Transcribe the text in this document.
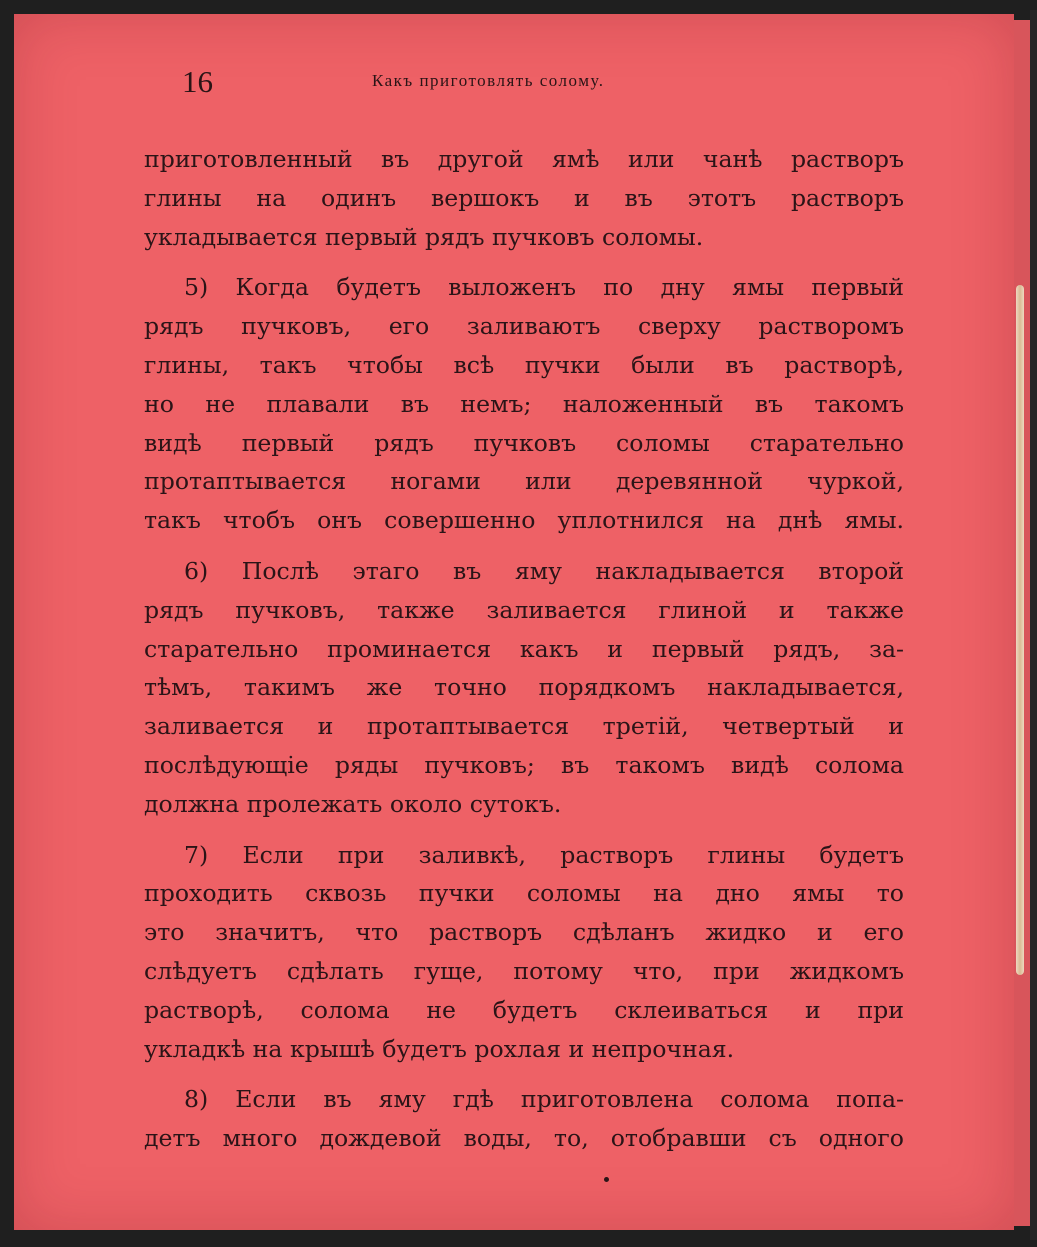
16	Какъ приготовлять солому.
приготовленный въ другой ямѣ или чанѣ растворъ
глины на одинъ вершокъ и въ этотъ растворъ
укладывается первый рядъ пучковъ соломы.
5) Когда будетъ выложенъ по дну ямы первый
рядъ пучковъ, его заливаютъ сверху растворомъ
глины, такъ чтобы всѣ пучки были въ растворѣ,
но не плавали въ немъ; наложенный въ такомъ
видѣ первый рядъ пучковъ соломы старательно
протаптывается ногами или деревянной чуркой,
такъ чтобъ онъ совершенно уплотнился на днѣ ямы.
6) Послѣ этаго въ яму накладывается второй
рядъ пучковъ, также заливается глиной и также
старательно проминается какъ и первый рядъ, за-
тѣмъ, такимъ же точно порядкомъ накладывается,
заливается и протаптывается третій, четвертый и
послѣдующіе ряды пучковъ; въ такомъ видѣ солома
должна пролежать около сутокъ.
7) Если при заливкѣ, растворъ глины будетъ
проходить сквозь пучки соломы на дно ямы то
это значитъ, что растворъ сдѣланъ жидко и его
слѣдуетъ сдѣлать гуще, потому что, при жидкомъ
растворѣ, солома не будетъ склеиваться и при
укладкѣ на крышѣ будетъ рохлая и непрочная.
8) Если въ яму гдѣ приготовлена солома попа-
детъ много дождевой воды, то, отобравши съ одного
